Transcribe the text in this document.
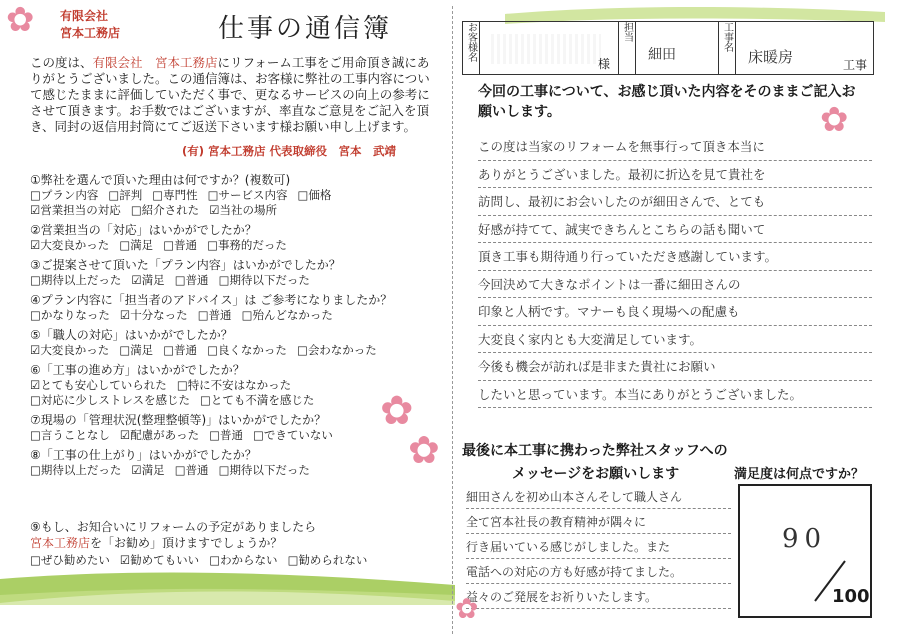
✿ 有限会社
宮本工務店	仕事の通信簿
この度は、有限会社　宮本工務店にリフォーム工事をご用命頂き誠にありがとうございました。この通信簿は、お客様に弊社の工事内容について感じたままに評価していただく事で、更なるサービスの向上の参考にさせて頂きます。お手数ではございますが、率直なご意見をご記入を頂き、同封の返信用封筒にてご返送下さいます様お願い申し上げます。
(有) 宮本工務店 代表取締役　宮本　武靖
①弊社を選んで頂いた理由は何ですか？(複数可)
□ プラン内容 □ 評判 □ 専門性 □ サービス内容 □ 価格
☑ 営業担当の対応 □ 紹介された ☑ 当社の場所
②営業担当の「対応」はいかがでしたか？
☑ 大変良かった □ 満足 □ 普通 □ 事務的だった
③ご提案させて頂いた「プラン内容」はいかがでしたか？
□ 期待以上だった ☑ 満足 □ 普通 □ 期待以下だった
④プラン内容に「担当者のアドバイス」は ご参考になりましたか？
□ かなりなった ☑ 十分なった □ 普通 □ 殆んどなかった
⑤「職人の対応」はいかがでしたか？
☑ 大変良かった □ 満足 □ 普通 □ 良くなかった □ 会わなかった
⑥「工事の進め方」はいかがでしたか？
☑ とても安心していられた □ 特に不安はなかった
□ 対応に少しストレスを感じた □ とても不満を感じた
⑦現場の「管理状況(整理整頓等)」はいかがでしたか？
□ 言うことなし ☑ 配慮があった □ 普通 □ できていない
⑧「工事の仕上がり」はいかがでしたか？
□ 期待以上だった ☑ 満足 □ 普通 □ 期待以下だった
⑨もし、お知合いにリフォームの予定がありましたら
宮本工務店を「お勧め」頂けますでしょうか？
□ ぜひ勧めたい ☑ 勧めてもいい □ わからない □ 勧められない
✿
✿
お客様名
様
担当
細田
工事名
床暖房	工事
今回の工事について、お感じ頂いた内容をそのままご記入お願いします。	✿
この度は当家のリフォームを無事行って頂き本当に
ありがとうございました。最初に折込を見て貴社を
訪問し、最初にお会いしたのが細田さんで、とても
好感が持てて、誠実できちんとこちらの話も聞いて
頂き工事も期待通り行っていただき感謝しています。
今回決めて大きなポイントは一番に細田さんの
印象と人柄です。マナーも良く現場への配慮も
大変良く家内とも大変満足しています。
今後も機会が訪れば是非また貴社にお願い
したいと思っています。本当にありがとうございました。
最後に本工事に携わった弊社スタッフへの
メッセージをお願いします
細田さんを初め山本さんそして職人さん
全て宮本社長の教育精神が隅々に
行き届いている感じがしました。また
電話への対応の方も好感が持てました。
益々のご発展をお祈りいたします。
✿
満足度は何点ですか？
90
100
